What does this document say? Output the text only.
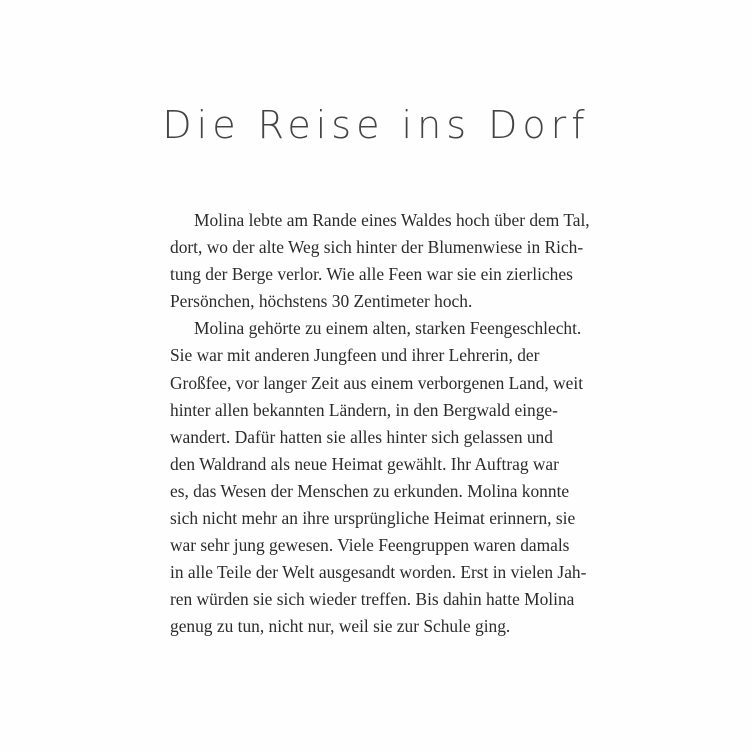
Die Reise ins Dorf
Molina lebte am Rande eines Waldes hoch über dem Tal,
dort, wo der alte Weg sich hinter der Blumenwiese in Rich-
tung der Berge verlor. Wie alle Feen war sie ein zierliches
Persönchen, höchstens 30 Zentimeter hoch.
Molina gehörte zu einem alten, starken Feengeschlecht.
Sie war mit anderen Jungfeen und ihrer Lehrerin, der
Großfee, vor langer Zeit aus einem verborgenen Land, weit
hinter allen bekannten Ländern, in den Bergwald einge-
wandert. Dafür hatten sie alles hinter sich gelassen und
den Waldrand als neue Heimat gewählt. Ihr Auftrag war
es, das Wesen der Menschen zu erkunden. Molina konnte
sich nicht mehr an ihre ursprüngliche Heimat erinnern, sie
war sehr jung gewesen. Viele Feengruppen waren damals
in alle Teile der Welt ausgesandt worden. Erst in vielen Jah-
ren würden sie sich wieder treffen. Bis dahin hatte Molina
genug zu tun, nicht nur, weil sie zur Schule ging.
